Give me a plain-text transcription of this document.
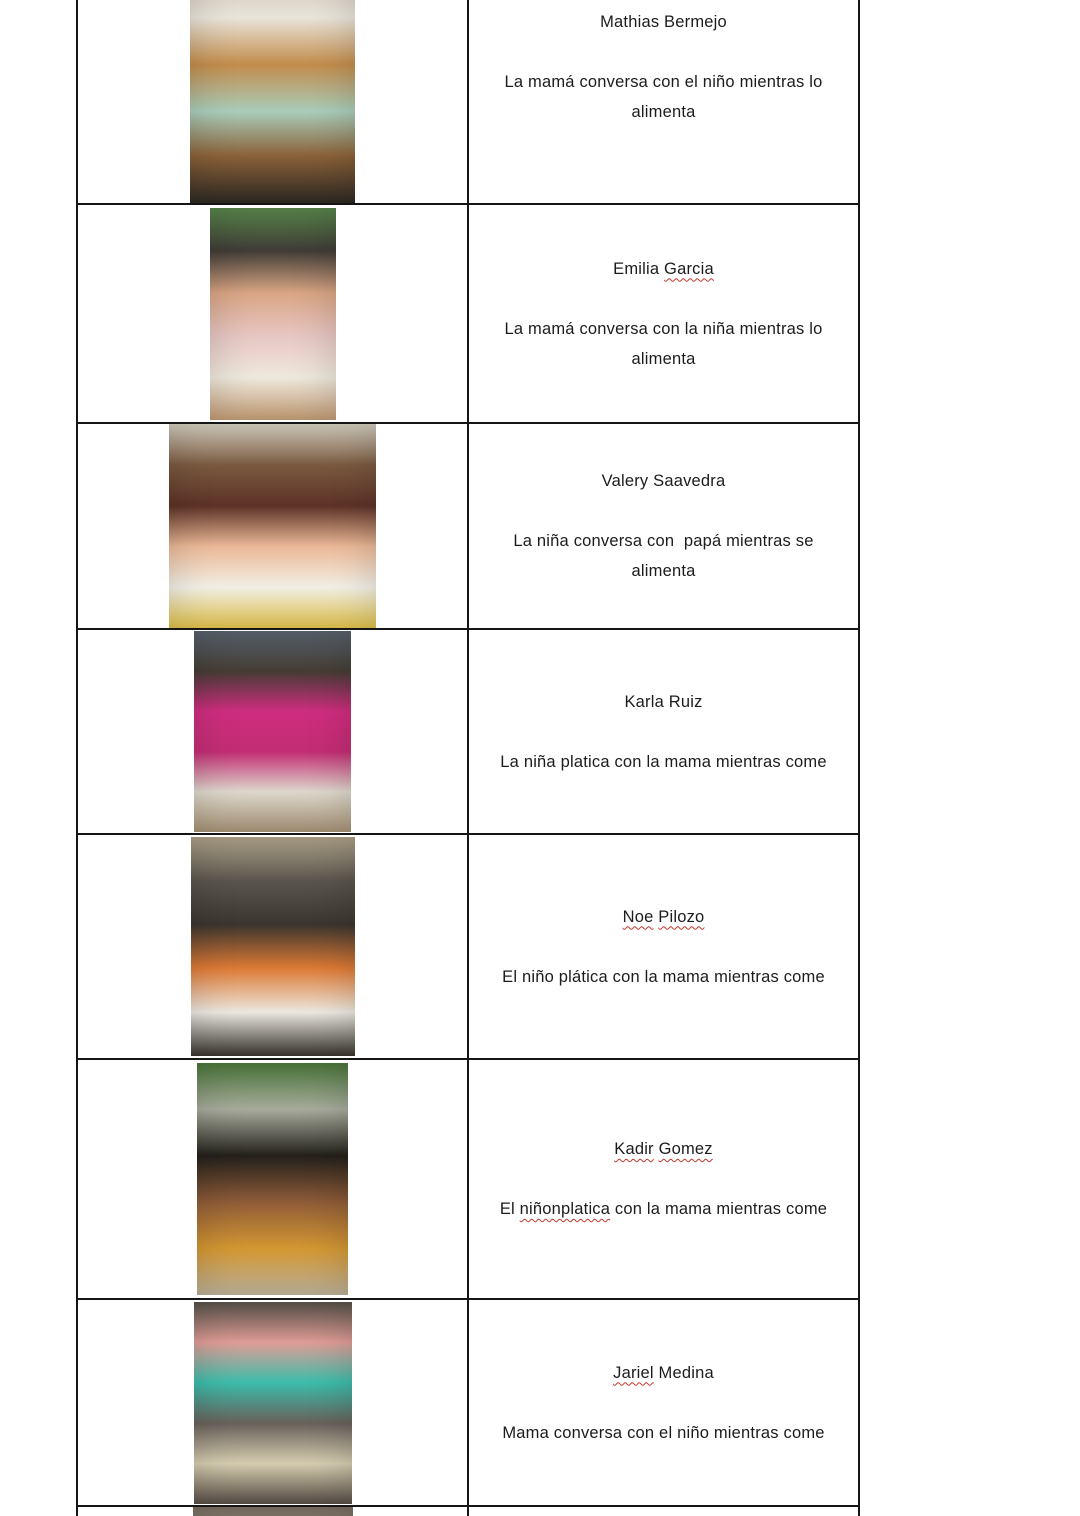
Mathias Bermejo

La mamá conversa con el niño mientras lo alimenta

Emilia Garcia

La mamá conversa con la niña mientras lo alimenta

Valery Saavedra

La niña conversa con  papá mientras se alimenta

Karla Ruiz

La niña platica con la mama mientras come

Noe Pilozo

El niño plática con la mama mientras come

Kadir Gomez

El niñonplatica con la mama mientras come

Jariel Medina

Mama conversa con el niño mientras come
